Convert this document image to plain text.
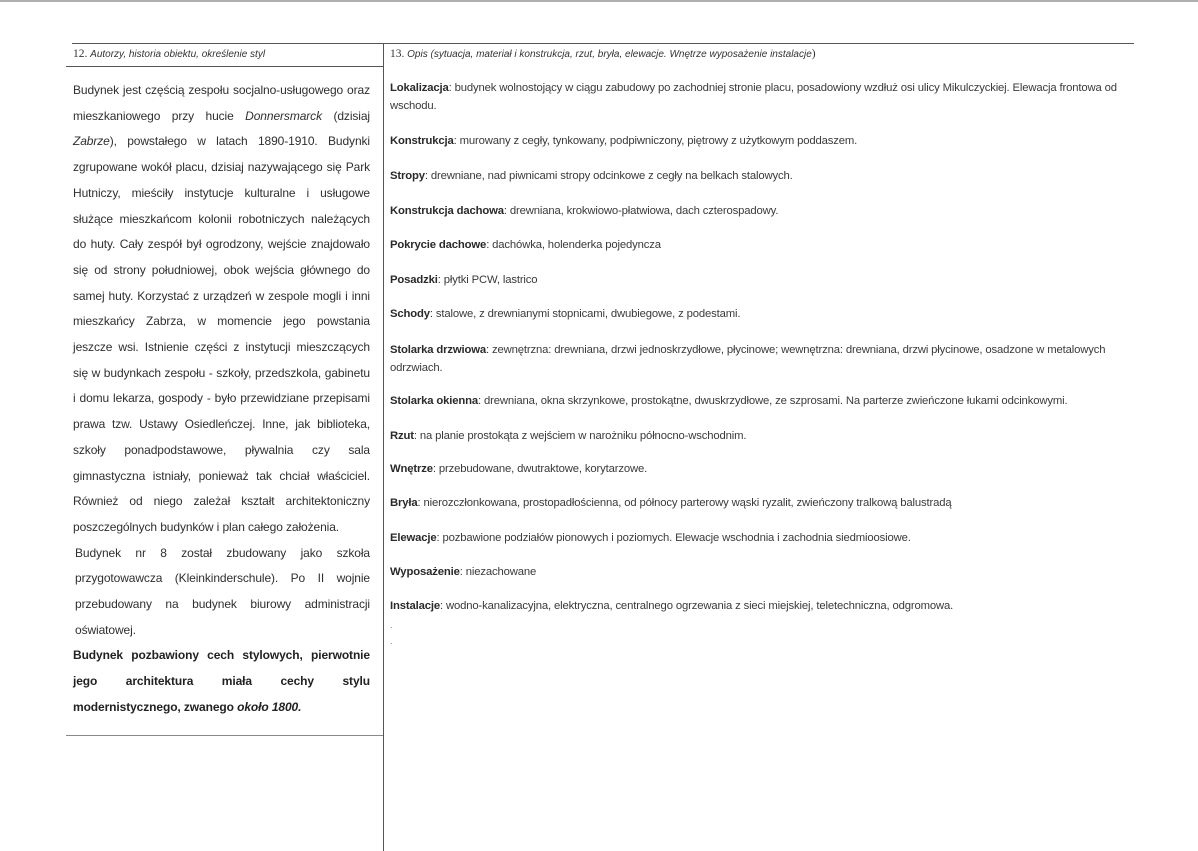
12. Autorzy, historia obiektu, określenie styl	13. Opis (sytuacja, materiał i konstrukcja, rzut, bryła, elewacje. Wnętrze wyposażenie instalacje)

Budynek jest częścią zespołu socjalno-usługowego oraz mieszkaniowego przy hucie Donnersmarck (dzisiaj Zabrze), powstałego w latach 1890-1910. Budynki zgrupowane wokół placu, dzisiaj nazywającego się Park Hutniczy, mieściły instytucje kulturalne i usługowe służące mieszkańcom kolonii robotniczych należących do huty. Cały zespół był ogrodzony, wejście znajdowało się od strony południowej, obok wejścia głównego do samej huty. Korzystać z urządzeń w zespole mogli i inni mieszkańcy Zabrza, w momencie jego powstania jeszcze wsi. Istnienie części z instytucji mieszczących się w budynkach zespołu - szkoły, przedszkola, gabinetu i domu lekarza, gospody - było przewidziane przepisami prawa tzw. Ustawy Osiedleńczej. Inne, jak biblioteka, szkoły ponadpodstawowe, pływalnia czy sala gimnastyczna istniały, ponieważ tak chciał właściciel. Również od niego zależał kształt architektoniczny poszczególnych budynków i plan całego założenia.

Budynek nr 8 został zbudowany jako szkoła przygotowawcza (Kleinkinderschule). Po II wojnie przebudowany na budynek biurowy administracji oświatowej.

Budynek pozbawiony cech stylowych, pierwotnie jego architektura miała cechy stylu modernistycznego, zwanego około 1800.

Lokalizacja: budynek wolnostojący w ciągu zabudowy po zachodniej stronie placu, posadowiony wzdłuż osi ulicy Mikulczyckiej. Elewacja frontowa od wschodu.
Konstrukcja: murowany z cegły, tynkowany, podpiwniczony, piętrowy z użytkowym poddaszem.
Stropy: drewniane, nad piwnicami stropy odcinkowe z cegły na belkach stalowych.
Konstrukcja dachowa: drewniana, krokwiowo-płatwiowa, dach czterospadowy.
Pokrycie dachowe: dachówka, holenderka pojedyncza
Posadzki: płytki PCW, lastrico
Schody: stalowe, z drewnianymi stopnicami, dwubiegowe, z podestami.
Stolarka drzwiowa: zewnętrzna: drewniana, drzwi jednoskrzydłowe, płycinowe; wewnętrzna: drewniana, drzwi płycinowe, osadzone w metalowych odrzwiach.
Stolarka okienna: drewniana, okna skrzynkowe, prostokątne, dwuskrzydłowe, ze szprosami. Na parterze zwieńczone łukami odcinkowymi.
Rzut: na planie prostokąta z wejściem w narożniku północno-wschodnim.
Wnętrze: przebudowane, dwutraktowe, korytarzowe.
Bryła: nierozczłonkowana, prostopadłościenna, od północy parterowy wąski ryzalit, zwieńczony tralkową balustradą
Elewacje: pozbawione podziałów pionowych i poziomych. Elewacje wschodnia i zachodnia siedmioosiowe.
Wyposażenie: niezachowane
Instalacje: wodno-kanalizacyjna, elektryczna, centralnego ogrzewania z sieci miejskiej, teletechniczna, odgromowa.
.
.
